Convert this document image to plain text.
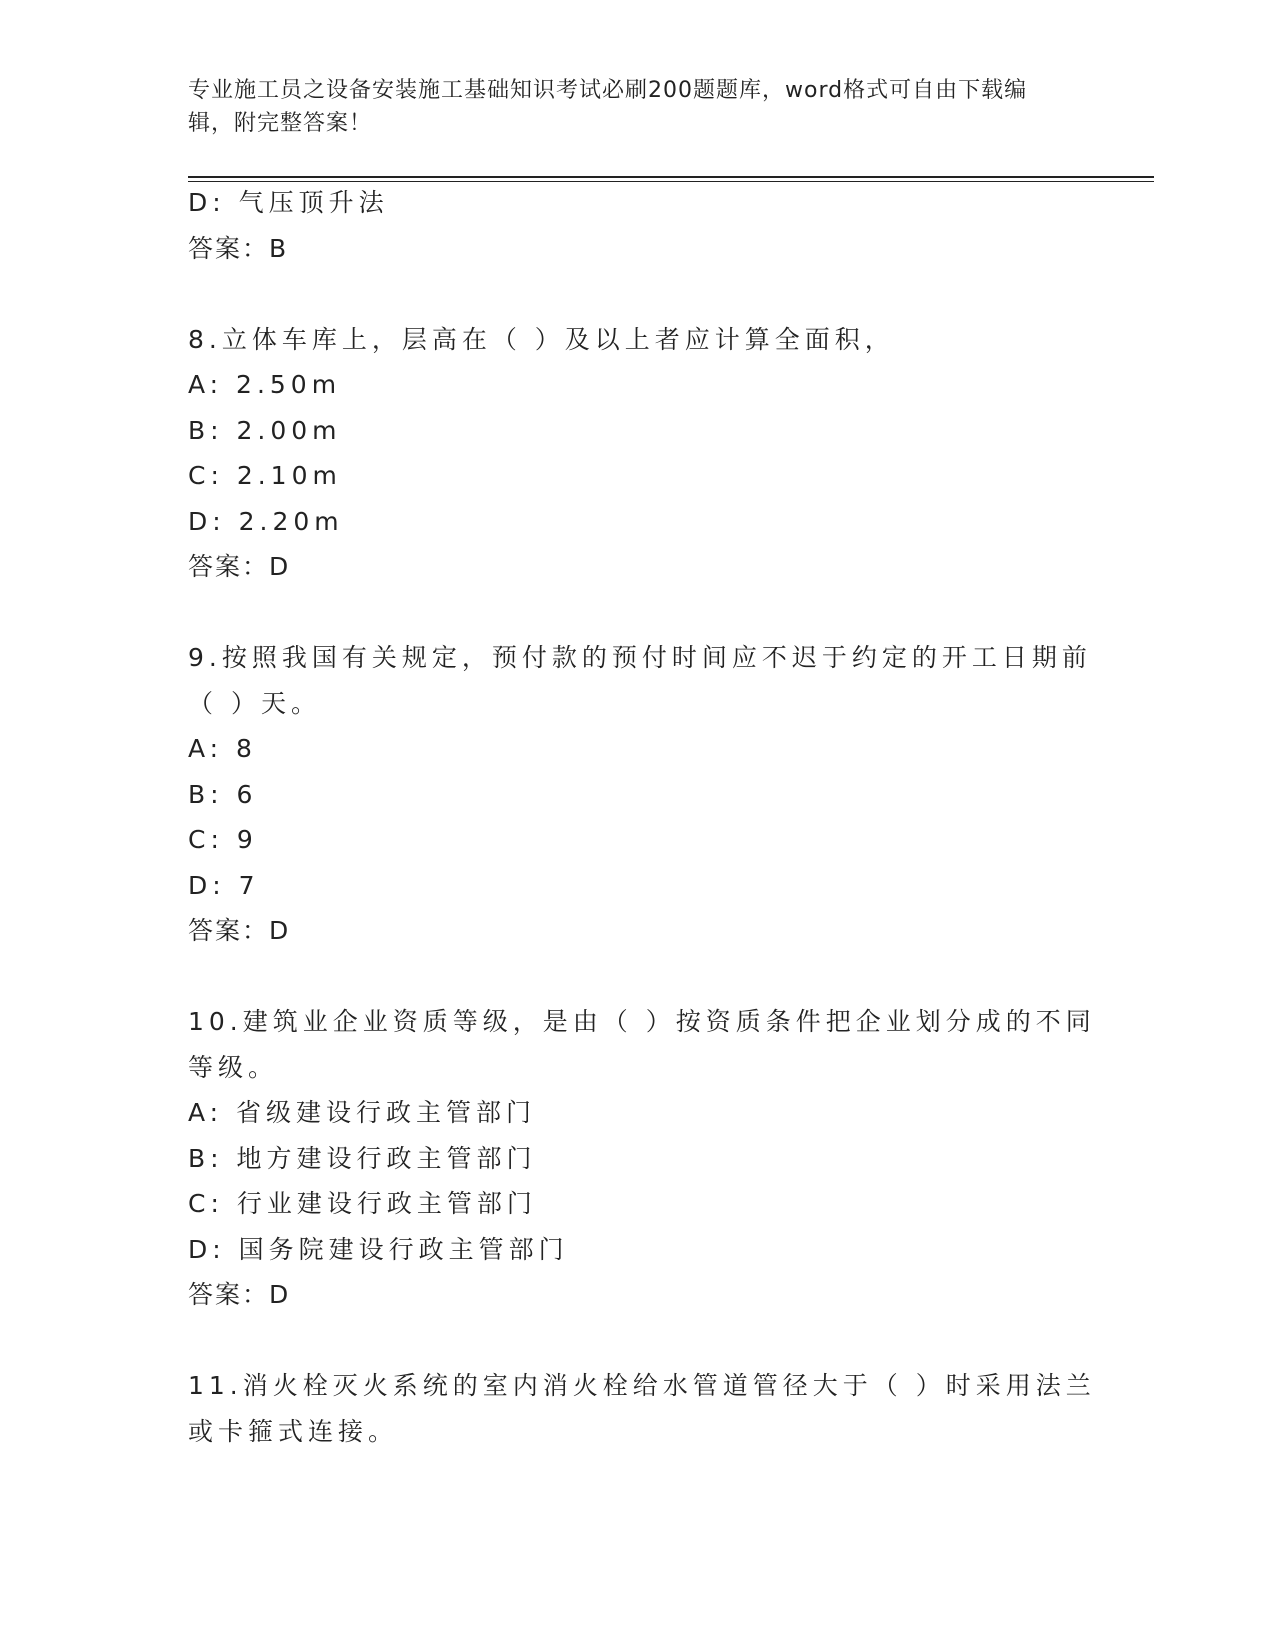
专业施工员之设备安装施工基础知识考试必刷200题题库，word格式可自由下载编辑，附完整答案！
D: 气压顶升法
答案：B
8.立体车库上，层高在（ ）及以上者应计算全面积，
A: 2.50m
B: 2.00m
C: 2.10m
D: 2.20m
答案：D
9.按照我国有关规定，预付款的预付时间应不迟于约定的开工日期前
（ ）天。
A: 8
B: 6
C: 9
D: 7
答案：D
10.建筑业企业资质等级，是由（ ）按资质条件把企业划分成的不同
等级。
A: 省级建设行政主管部门
B: 地方建设行政主管部门
C: 行业建设行政主管部门
D: 国务院建设行政主管部门
答案：D
11.消火栓灭火系统的室内消火栓给水管道管径大于（ ）时采用法兰
或卡箍式连接。
